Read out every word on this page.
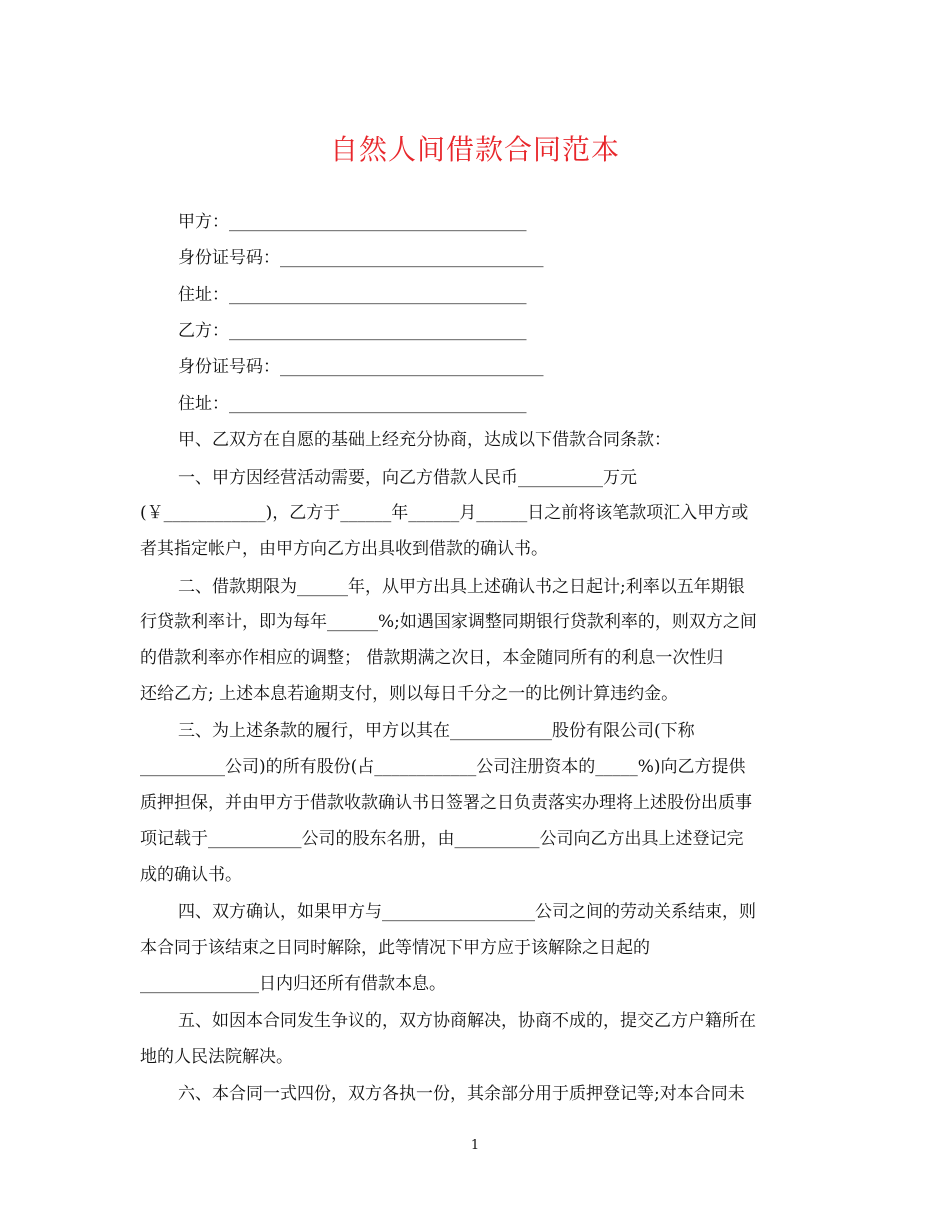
自然人间借款合同范本
甲方：___________________________________
身份证号码：_______________________________
住址：___________________________________
乙方：___________________________________
身份证号码：_______________________________
住址：___________________________________
甲、乙双方在自愿的基础上经充分协商，达成以下借款合同条款：
一、甲方因经营活动需要，向乙方借款人民币__________万元
(￥____________)，乙方于______年______月______日之前将该笔款项汇入甲方或
者其指定帐户，由甲方向乙方出具收到借款的确认书。
二、借款期限为______年，从甲方出具上述确认书之日起计;利率以五年期银
行贷款利率计，即为每年______%;如遇国家调整同期银行贷款利率的，则双方之间
的借款利率亦作相应的调整； 借款期满之次日，本金随同所有的利息一次性归
还给乙方; 上述本息若逾期支付，则以每日千分之一的比例计算违约金。
三、为上述条款的履行，甲方以其在____________股份有限公司(下称
__________公司)的所有股份(占____________公司注册资本的_____%)向乙方提供
质押担保，并由甲方于借款收款确认书日签署之日负责落实办理将上述股份出质事
项记载于___________公司的股东名册，由__________公司向乙方出具上述登记完
成的确认书。
四、双方确认，如果甲方与__________________公司之间的劳动关系结束，则
本合同于该结束之日同时解除，此等情况下甲方应于该解除之日起的
______________日内归还所有借款本息。
五、如因本合同发生争议的，双方协商解决，协商不成的，提交乙方户籍所在
地的人民法院解决。
六、本合同一式四份，双方各执一份，其余部分用于质押登记等;对本合同未
1
